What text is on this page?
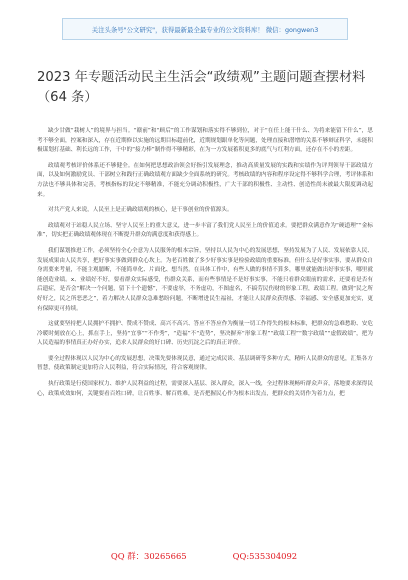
关注头条号"公文研究"，获得最新最全最专业的公文资料库！ 微信：gongwen3
2023 年专题活动民主生活会“政绩观”主题问题查摆材料（64 条）

缺少甘做“栽树人”的境界与担当。“赣前”和“顾后”的工作谋划和落实得不够到位，对于“在任上能干什么、为将来能留下什么”，思考不够全面，控案和深入，存在近期修以实施的远期目标超前化，近期规划跟单化等问题，处理直接和潜增的关系不够辩证科学，未能积极谋划打基础、利长远的工作，干中的“接力棒”制作得不够精彩，在为一方发展蓄积更多的底气与红利方面，还存在不小的差距。

政绩观考核评价体系还不够健全。在如何把思想政治领会好指引发展理念，推动高质量发展的实践和实绩作为评判领导干部政绩方面，以及如何激励党员、干部树立和践行正确政绩观方面缺少全面系统的研究。考核政绩的内容和程序设定得不够科学合理，考评体系和方法也不够具体和完善，考核指标的设定不够精准，不能充分调动积极性，广大干部的积极性、主动性、创造性尚未被最大限度调动起来。

对共产党人来说，人民至上是正确政绩观的核心，是干事创业的价值源头。

政绩观对于站稳人民立场、坚守人民至上的重大意义，进一步丰富了我们党人民至上的价值追求。要把群众满意作为“硬道理”“金标准”，切实把正确政绩观体现在不断提升群众的满意度和获得感上。

我们谋划推进工作，必须坚持全心全意为人民服务的根本宗旨，坚持以人民为中心的发展思想，坚持发展为了人民、发展依靠人民、发展成果由人民共享，把好事实事做到群众心坎上。为老百姓做了多少好事实事是检验政绩的重要标准，但什么是好事实事，要从群众自身需要来考量，不能主观臆断，不能简单化、片面化、想当然。在具体工作中，有些人做的事情不算多，哪里就能做出好事实事，哪里就能创造业绩。x、业绩好不好，要看群众实际感受，伤群众关系，而有些事情是不是好事实事，不能只看群众眼前的需求，还要看是否有后遗症，是否会“解决一个问题，留下十个遗憾”，不要虚举，不务虚功，不图虚名，不搞劳民伤财的形象工程，政绩工程。做到“民之所好好之，民之所恶恶之”，着力解决人民群众急难愁盼问题，不断增进民生福祉，才能让人民群众获得感、幸福感、安全感更加充实，更有保障更可持续。

这就要坚持把人民拥护不拥护、赞成不赞成、高兴不高兴、答应不答应作为衡量一切工作得失的根本标准，把群众的急难愁盼、安危冷暖时刻放在心上，抓在手上，坚持“宜事”“不作秀”，“造福”不“造势”，坚决摒弃“形象工程”“政绩工程”“数字政绩”“虚假政绩”，把为人民造福的事情真正办好办实，追求人民群众的好口碑、历史沉淀之后的真正评价。

要全过程体现以人民为中心的发展思想，决策先要体现民意，通过完成民谈、基层调研等多种方式，精听人民群众的意见，汇集各方智慧，使政策制定更加符合人民利益，符合实际情况，符合客观规律。

执行政策是行使国家权力、维护人民利益的过程，需要深入基层、深入群众，深入一线，全过程体现畅听群众声音，落地要求深得民心，政策成效如何，关键要看百姓口碑，让百姓事、解百姓难，是否把握民心作为根本出发点，把群众的关切作为着力点，把

QQ 群：30265665	QQ:535304092
